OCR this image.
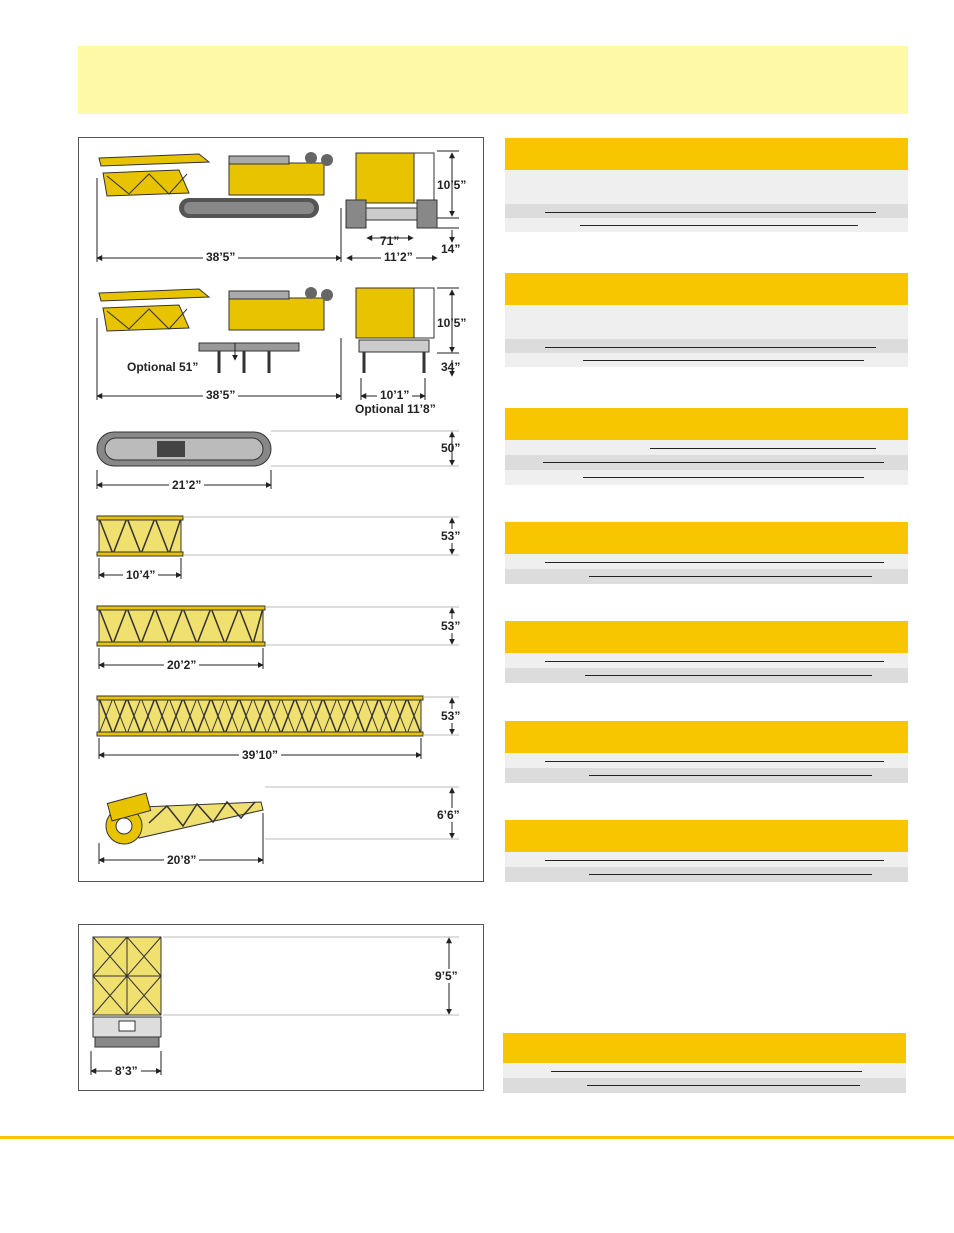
10’5”
71”
14”
38’5”	11’2”
10’5”
Optional 51”	34”
38’5”	10’1”
Optional 11’8”
50”
21’2”
53”
10’4”
53”
20’2”
53”
39’10”
6’6”
20’8”
9’5”
8’3”
